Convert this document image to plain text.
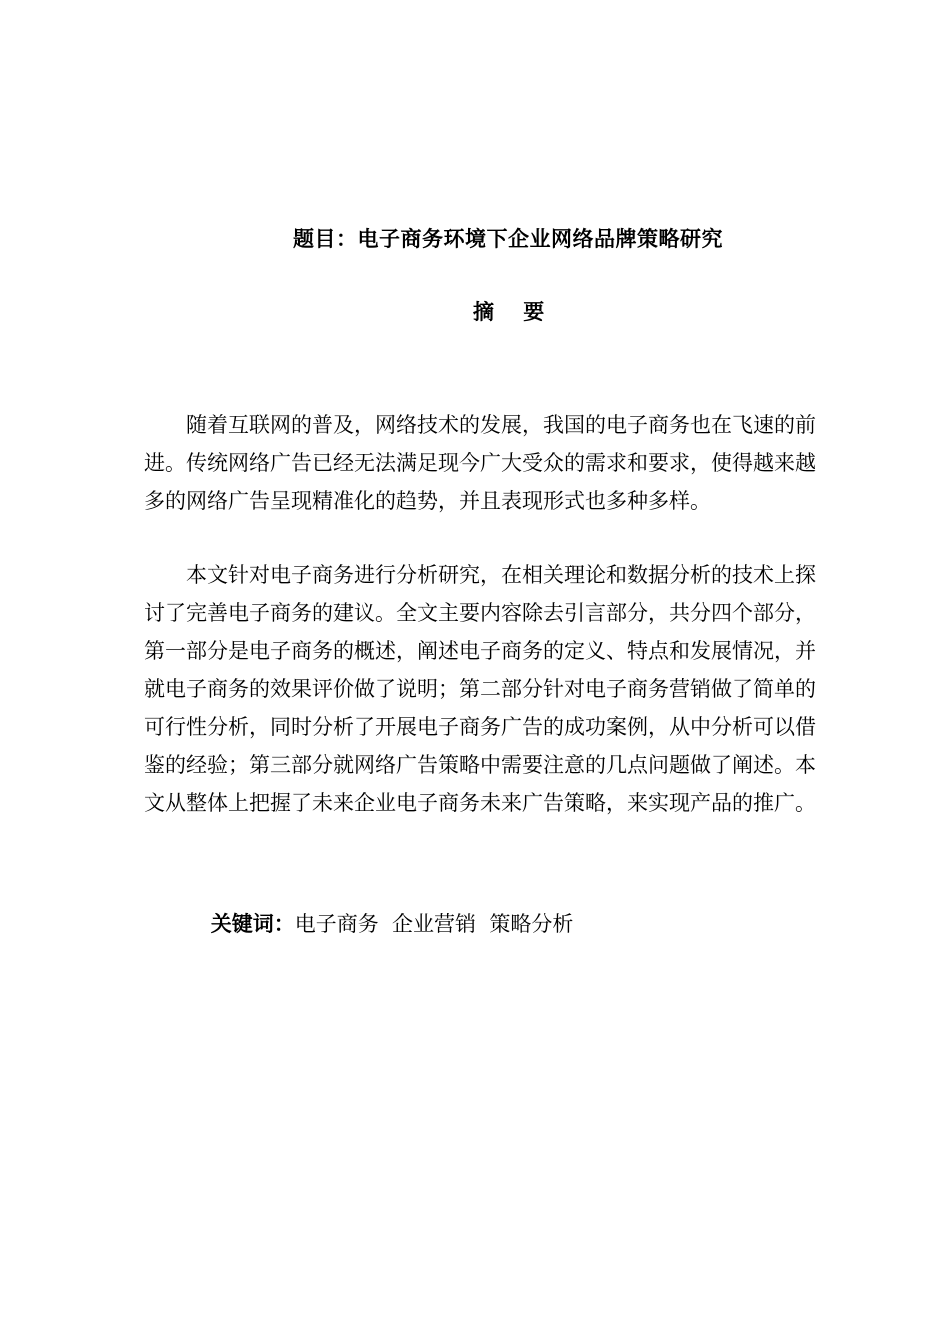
题目：电子商务环境下企业网络品牌策略研究
摘    要

随着互联网的普及，网络技术的发展，我国的电子商务也在飞速的前进。传统网络广告已经无法满足现今广大受众的需求和要求，使得越来越多的网络广告呈现精准化的趋势，并且表现形式也多种多样。

本文针对电子商务进行分析研究，在相关理论和数据分析的技术上探讨了完善电子商务的建议。全文主要内容除去引言部分，共分四个部分，第一部分是电子商务的概述，阐述电子商务的定义、特点和发展情况，并就电子商务的效果评价做了说明；第二部分针对电子商务营销做了简单的可行性分析，同时分析了开展电子商务广告的成功案例，从中分析可以借鉴的经验；第三部分就网络广告策略中需要注意的几点问题做了阐述。本文从整体上把握了未来企业电子商务未来广告策略，来实现产品的推广。

关键词：电子商务  企业营销  策略分析
